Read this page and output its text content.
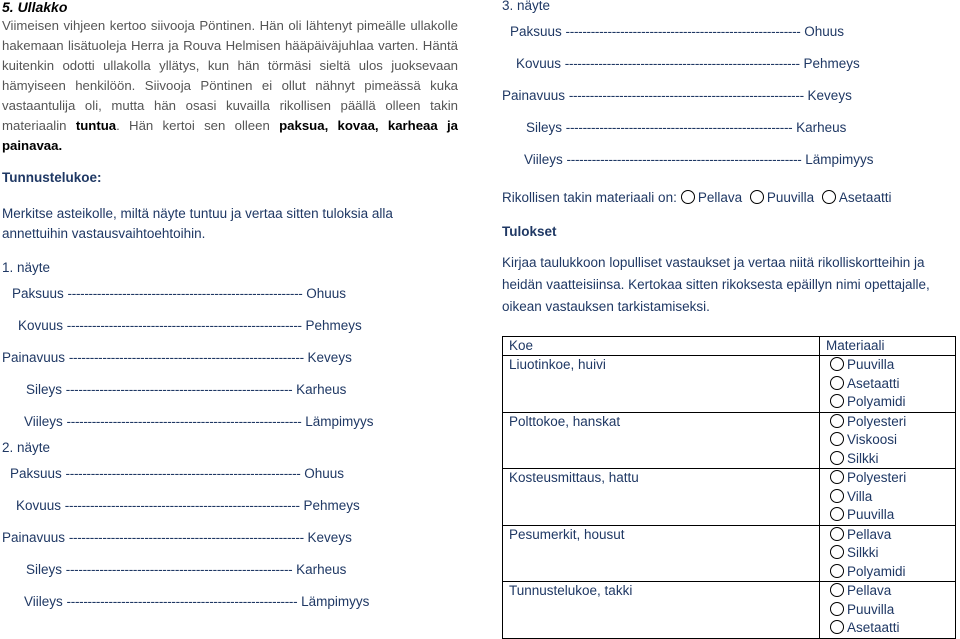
5. Ullakko
Viimeisen vihjeen kertoo siivooja Pöntinen. Hän oli lähtenyt pimeälle ullakolle hakemaan lisätuoleja Herra ja Rouva Helmisen hääpäiväjuhlaa varten. Häntä kuitenkin odotti ullakolla yllätys, kun hän törmäsi sieltä ulos juoksevaan hämyiseen henkilöön. Siivooja Pöntinen ei ollut nähnyt pimeässä kuka vastaantulija oli, mutta hän osasi kuvailla rikollisen päällä olleen takin materiaalin tuntua. Hän kertoi sen olleen paksua, kovaa, karheaa ja painavaa.
Tunnustelukoe:

Merkitse asteikolle, miltä näyte tuntuu ja vertaa sitten tuloksia alla annettuihin vastausvaihtoehtoihin.

1. näyte
Paksuus -------------------------------------------------------- Ohuus
Kovuus -------------------------------------------------------- Pehmeys
Painavuus -------------------------------------------------------- Keveys
Sileys ------------------------------------------------------ Karheus
Viileys -------------------------------------------------------- Lämpimyys
2. näyte
Paksuus -------------------------------------------------------- Ohuus
Kovuus -------------------------------------------------------- Pehmeys
Painavuus -------------------------------------------------------- Keveys
Sileys ------------------------------------------------------ Karheus
Viileys ------------------------------------------------------- Lämpimyys
3. näyte
Paksuus -------------------------------------------------------- Ohuus
Kovuus -------------------------------------------------------- Pehmeys
Painavuus -------------------------------------------------------- Keveys
Sileys ------------------------------------------------------ Karheus
Viileys -------------------------------------------------------- Lämpimyys
Rikollisen takin materiaali on: Pellava Puuvilla Asetaatti
Tulokset

Kirjaa taulukkoon lopulliset vastaukset ja vertaa niitä rikolliskortteihin ja heidän vaatteisiinsa. Kertokaa sitten rikoksesta epäillyn nimi opettajalle, oikean vastauksen tarkistamiseksi.

Koe	Materiaali
Liuotinkoe, huivi	Puuvilla
Asetaatti
Polyamidi

Polttokoe, hanskat	Polyesteri
Viskoosi
Silkki

Kosteusmittaus, hattu	Polyesteri
Villa
Puuvilla

Pesumerkit, housut	Pellava
Silkki
Polyamidi

Tunnustelukoe, takki	Pellava
Puuvilla
Asetaatti
